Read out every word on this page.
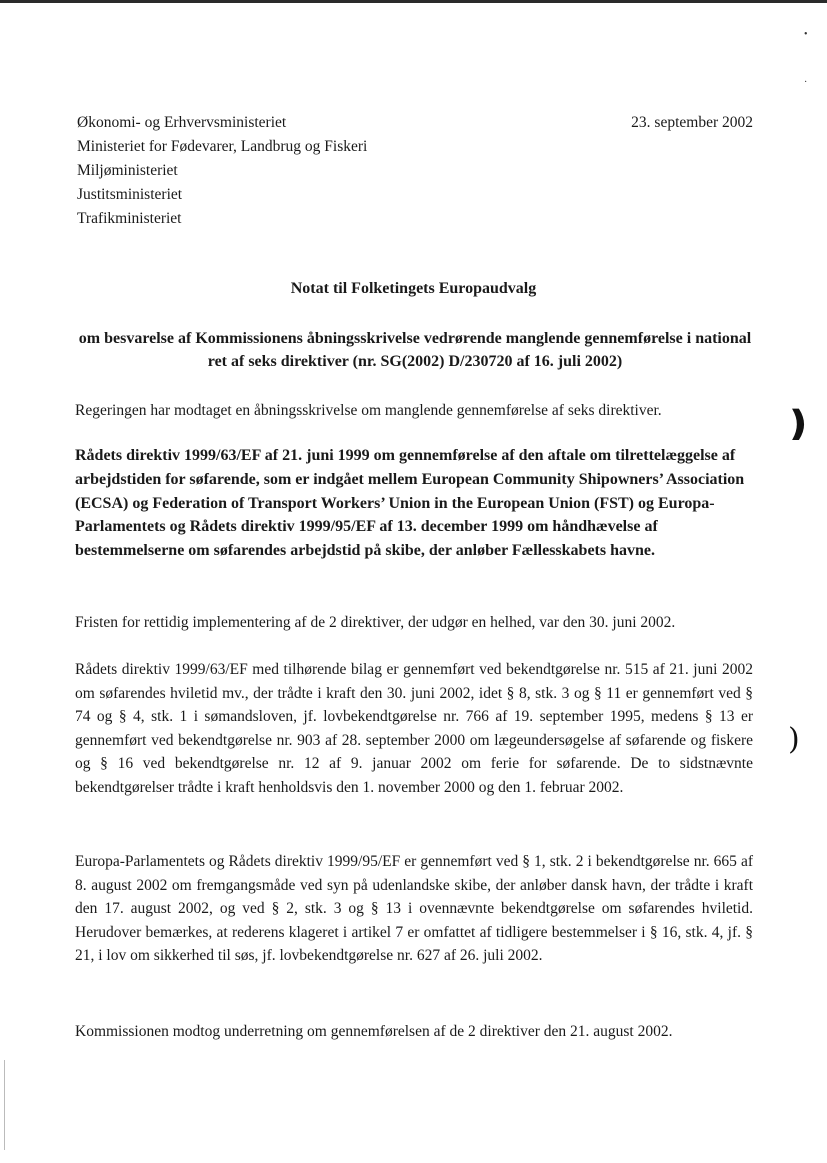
•
·
❫
)
Økonomi- og Erhvervsministeriet
Ministeriet for Fødevarer, Landbrug og Fiskeri
Miljøministeriet
Justitsministeriet
Trafikministeriet
23. september 2002
Notat til Folketingets Europaudvalg
om besvarelse af Kommissionens åbningsskrivelse vedrørende manglende gennemførelse i national ret af seks direktiver (nr. SG(2002) D/230720 af 16. juli 2002)

Regeringen har modtaget en åbningsskrivelse om manglende gennemførelse af seks direktiver.

Rådets direktiv 1999/63/EF af 21. juni 1999 om gennemførelse af den aftale om tilrettelæggelse af arbejdstiden for søfarende, som er indgået mellem European Community Shipowners’ Association (ECSA) og Federation of Transport Workers’ Union in the European Union (FST) og Europa-Parlamentets og Rådets direktiv 1999/95/EF af 13. december 1999 om håndhævelse af bestemmelserne om søfarendes arbejdstid på skibe, der anløber Fællesskabets havne.

Fristen for rettidig implementering af de 2 direktiver, der udgør en helhed, var den 30. juni 2002.

Rådets direktiv 1999/63/EF med tilhørende bilag er gennemført ved bekendtgørelse nr. 515 af 21. juni 2002 om søfarendes hviletid mv., der trådte i kraft den 30. juni 2002, idet § 8, stk. 3 og § 11 er gennemført ved § 74 og § 4, stk. 1 i sømandsloven, jf. lovbekendtgørelse nr. 766 af 19. september 1995, medens § 13 er gennemført ved bekendtgørelse nr. 903 af 28. september 2000 om lægeundersøgelse af søfarende og fiskere og § 16 ved bekendtgørelse nr. 12 af 9. januar 2002 om ferie for søfarende. De to sidstnævnte bekendtgørelser trådte i kraft henholdsvis den 1. november 2000 og den 1. februar 2002.

Europa-Parlamentets og Rådets direktiv 1999/95/EF er gennemført ved § 1, stk. 2 i bekendtgørelse nr. 665 af 8. august 2002 om fremgangsmåde ved syn på udenlandske skibe, der anløber dansk havn, der trådte i kraft den 17. august 2002, og ved § 2, stk. 3 og § 13 i ovennævnte bekendtgørelse om søfarendes hviletid. Herudover bemærkes, at rederens klageret i artikel 7 er omfattet af tidligere bestemmelser i § 16, stk. 4, jf. § 21, i lov om sikkerhed til søs, jf. lovbekendtgørelse nr. 627 af 26. juli 2002.

Kommissionen modtog underretning om gennemførelsen af de 2 direktiver den 21. august 2002.
